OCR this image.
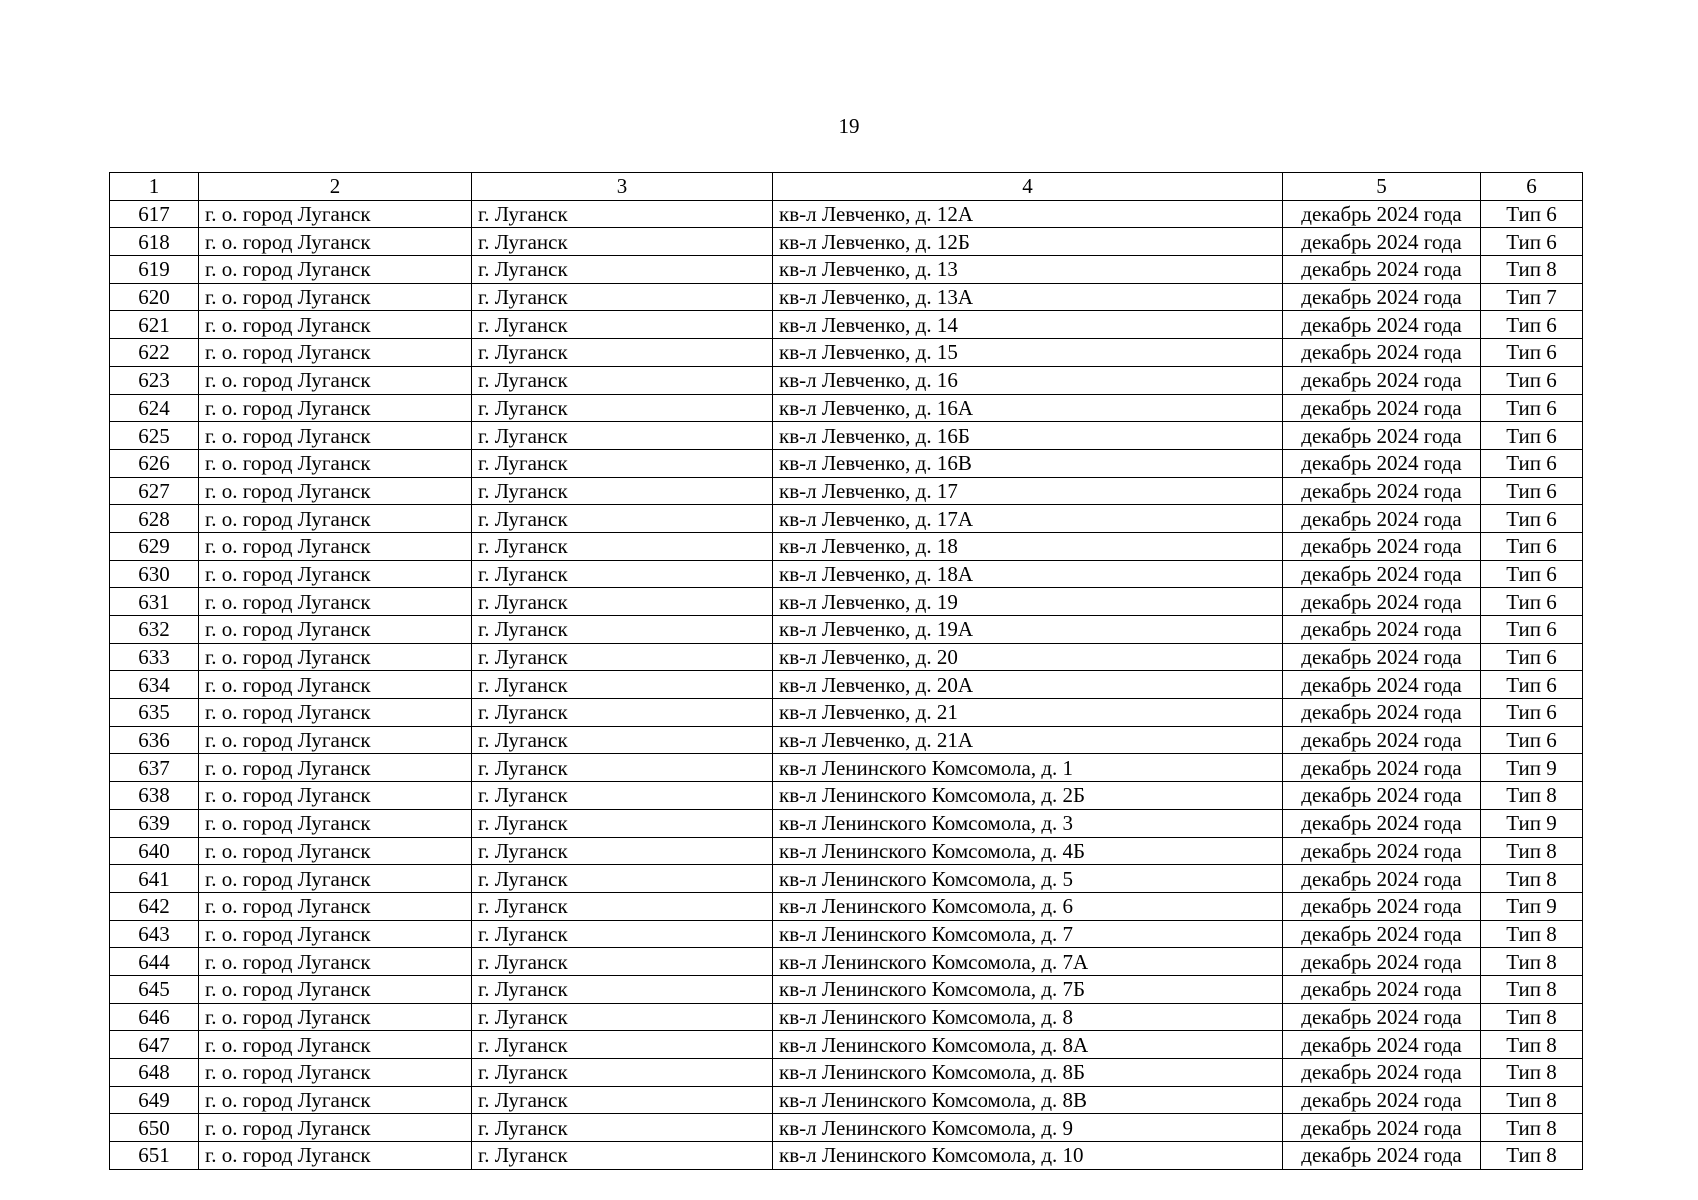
19
1	2	3	4	5	6
617	г. о. город Луганск	г. Луганск	кв-л Левченко, д. 12А	декабрь 2024 года	Тип 6
618	г. о. город Луганск	г. Луганск	кв-л Левченко, д. 12Б	декабрь 2024 года	Тип 6
619	г. о. город Луганск	г. Луганск	кв-л Левченко, д. 13	декабрь 2024 года	Тип 8
620	г. о. город Луганск	г. Луганск	кв-л Левченко, д. 13А	декабрь 2024 года	Тип 7
621	г. о. город Луганск	г. Луганск	кв-л Левченко, д. 14	декабрь 2024 года	Тип 6
622	г. о. город Луганск	г. Луганск	кв-л Левченко, д. 15	декабрь 2024 года	Тип 6
623	г. о. город Луганск	г. Луганск	кв-л Левченко, д. 16	декабрь 2024 года	Тип 6
624	г. о. город Луганск	г. Луганск	кв-л Левченко, д. 16А	декабрь 2024 года	Тип 6
625	г. о. город Луганск	г. Луганск	кв-л Левченко, д. 16Б	декабрь 2024 года	Тип 6
626	г. о. город Луганск	г. Луганск	кв-л Левченко, д. 16В	декабрь 2024 года	Тип 6
627	г. о. город Луганск	г. Луганск	кв-л Левченко, д. 17	декабрь 2024 года	Тип 6
628	г. о. город Луганск	г. Луганск	кв-л Левченко, д. 17А	декабрь 2024 года	Тип 6
629	г. о. город Луганск	г. Луганск	кв-л Левченко, д. 18	декабрь 2024 года	Тип 6
630	г. о. город Луганск	г. Луганск	кв-л Левченко, д. 18А	декабрь 2024 года	Тип 6
631	г. о. город Луганск	г. Луганск	кв-л Левченко, д. 19	декабрь 2024 года	Тип 6
632	г. о. город Луганск	г. Луганск	кв-л Левченко, д. 19А	декабрь 2024 года	Тип 6
633	г. о. город Луганск	г. Луганск	кв-л Левченко, д. 20	декабрь 2024 года	Тип 6
634	г. о. город Луганск	г. Луганск	кв-л Левченко, д. 20А	декабрь 2024 года	Тип 6
635	г. о. город Луганск	г. Луганск	кв-л Левченко, д. 21	декабрь 2024 года	Тип 6
636	г. о. город Луганск	г. Луганск	кв-л Левченко, д. 21А	декабрь 2024 года	Тип 6
637	г. о. город Луганск	г. Луганск	кв-л Ленинского Комсомола, д. 1	декабрь 2024 года	Тип 9
638	г. о. город Луганск	г. Луганск	кв-л Ленинского Комсомола, д. 2Б	декабрь 2024 года	Тип 8
639	г. о. город Луганск	г. Луганск	кв-л Ленинского Комсомола, д. 3	декабрь 2024 года	Тип 9
640	г. о. город Луганск	г. Луганск	кв-л Ленинского Комсомола, д. 4Б	декабрь 2024 года	Тип 8
641	г. о. город Луганск	г. Луганск	кв-л Ленинского Комсомола, д. 5	декабрь 2024 года	Тип 8
642	г. о. город Луганск	г. Луганск	кв-л Ленинского Комсомола, д. 6	декабрь 2024 года	Тип 9
643	г. о. город Луганск	г. Луганск	кв-л Ленинского Комсомола, д. 7	декабрь 2024 года	Тип 8
644	г. о. город Луганск	г. Луганск	кв-л Ленинского Комсомола, д. 7А	декабрь 2024 года	Тип 8
645	г. о. город Луганск	г. Луганск	кв-л Ленинского Комсомола, д. 7Б	декабрь 2024 года	Тип 8
646	г. о. город Луганск	г. Луганск	кв-л Ленинского Комсомола, д. 8	декабрь 2024 года	Тип 8
647	г. о. город Луганск	г. Луганск	кв-л Ленинского Комсомола, д. 8А	декабрь 2024 года	Тип 8
648	г. о. город Луганск	г. Луганск	кв-л Ленинского Комсомола, д. 8Б	декабрь 2024 года	Тип 8
649	г. о. город Луганск	г. Луганск	кв-л Ленинского Комсомола, д. 8В	декабрь 2024 года	Тип 8
650	г. о. город Луганск	г. Луганск	кв-л Ленинского Комсомола, д. 9	декабрь 2024 года	Тип 8
651	г. о. город Луганск	г. Луганск	кв-л Ленинского Комсомола, д. 10	декабрь 2024 года	Тип 8
